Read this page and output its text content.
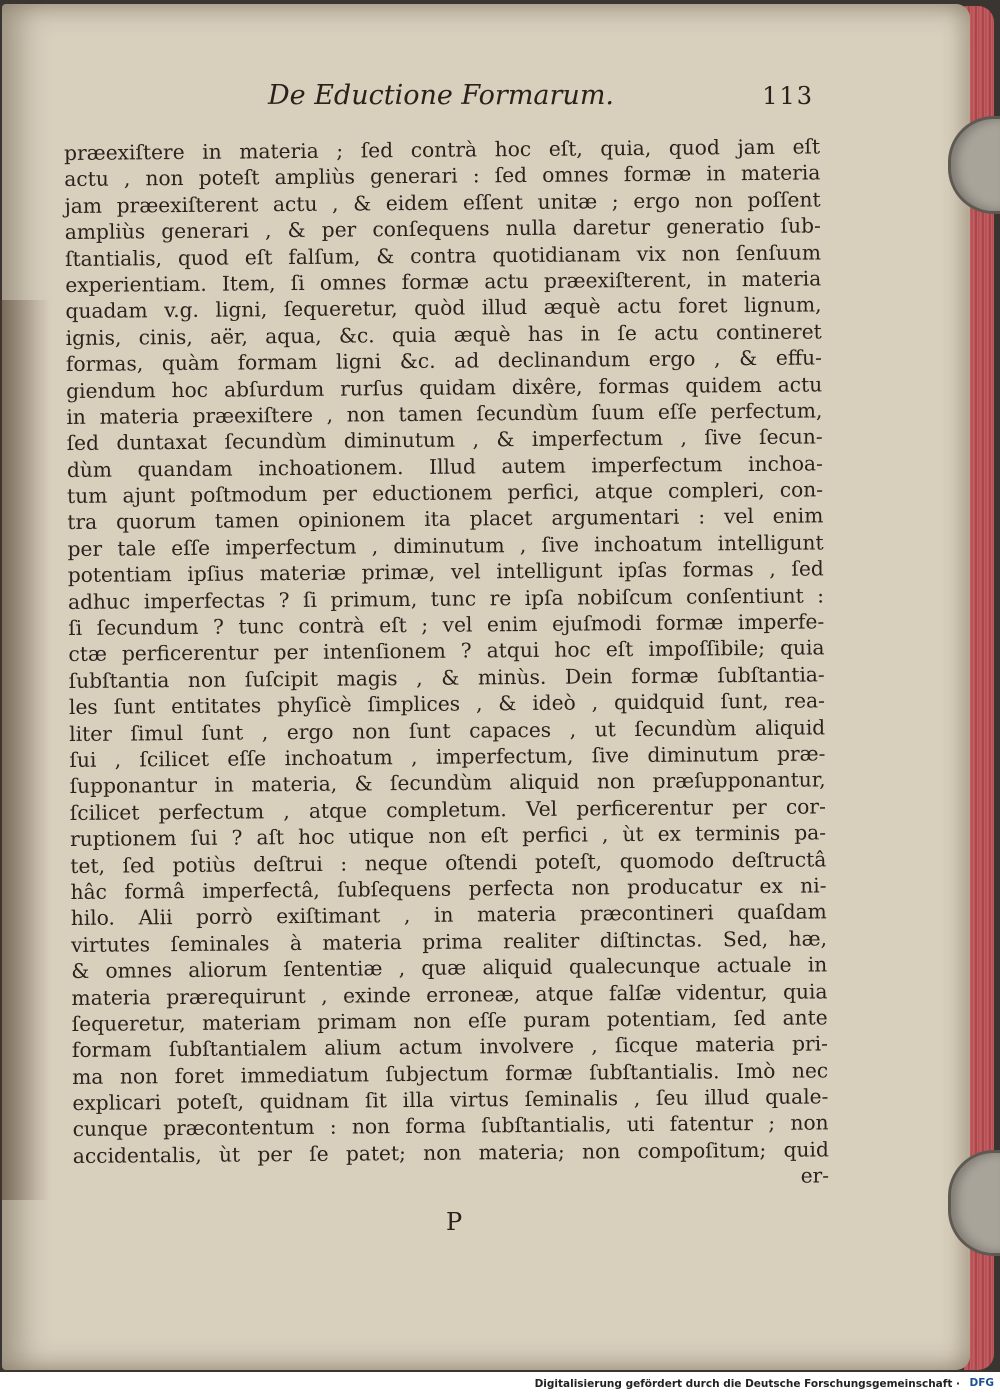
De Eductione Formarum.	113
præexiſtere in materia ; ſed contrà hoc eſt, quia, quod jam eſt
actu , non poteſt ampliùs generari : ſed omnes formæ in materia
jam præexiſterent actu , & eidem eſſent unitæ ; ergo non poſſent
ampliùs generari , & per conſequens nulla daretur generatio ſub-
ſtantialis, quod eſt falſum, & contra quotidianam vix non ſenſuum
experientiam. Item, ſi omnes formæ actu præexiſterent, in materia
quadam v.g. ligni, ſequeretur, quòd illud æquè actu foret lignum,
ignis, cinis, aër, aqua, &c. quia æquè has in ſe actu contineret
formas, quàm formam ligni &c. ad declinandum ergo , & effu-
giendum hoc abſurdum rurſus quidam dixêre, formas quidem actu
in materia præexiſtere , non tamen ſecundùm ſuum eſſe perfectum,
ſed duntaxat ſecundùm diminutum , & imperfectum , ſive ſecun-
dùm quandam inchoationem. Illud autem imperfectum inchoa-
tum ajunt poſtmodum per eductionem perfici, atque compleri, con-
tra quorum tamen opinionem ita placet argumentari : vel enim
per tale eſſe imperfectum , diminutum , ſive inchoatum intelligunt
potentiam ipſius materiæ primæ, vel intelligunt ipſas formas , ſed
adhuc imperfectas ? ſi primum, tunc re ipſa nobiſcum conſentiunt :
ſi ſecundum ? tunc contrà eſt ; vel enim ejuſmodi formæ imperfe-
ctæ perficerentur per intenſionem ? atqui hoc eſt impoſſibile; quia
ſubſtantia non ſuſcipit magis , & minùs. Dein formæ ſubſtantia-
les ſunt entitates phyſicè ſimplices , & ideò , quidquid ſunt, rea-
liter ſimul ſunt , ergo non ſunt capaces , ut ſecundùm aliquid
ſui , ſcilicet eſſe inchoatum , imperfectum, ſive diminutum præ-
ſupponantur in materia, & ſecundùm aliquid non præſupponantur,
ſcilicet perfectum , atque completum. Vel perficerentur per cor-
ruptionem ſui ? aſt hoc utique non eſt perfici , ùt ex terminis pa-
tet, ſed potiùs deſtrui : neque oſtendi poteſt, quomodo deſtructâ
hâc formâ imperfectâ, ſubſequens perfecta non producatur ex ni-
hilo. Alii porrò exiſtimant , in materia præcontineri quaſdam
virtutes ſeminales à materia prima realiter diſtinctas. Sed, hæ,
& omnes aliorum ſententiæ , quæ aliquid qualecunque actuale in
materia prærequirunt , exinde erroneæ, atque falſæ videntur, quia
ſequeretur, materiam primam non eſſe puram potentiam, ſed ante
formam ſubſtantialem alium actum involvere , ſicque materia pri-
ma non foret immediatum ſubjectum formæ ſubſtantialis. Imò nec
explicari poteſt, quidnam ſit illa virtus ſeminalis , ſeu illud quale-
cunque præcontentum : non forma ſubſtantialis, uti fatentur ; non
accidentalis, ùt per ſe patet; non materia; non compoſitum; quid
er-
P
Digitalisierung gefördert durch die Deutsche Forschungsgemeinschaft · DFG
